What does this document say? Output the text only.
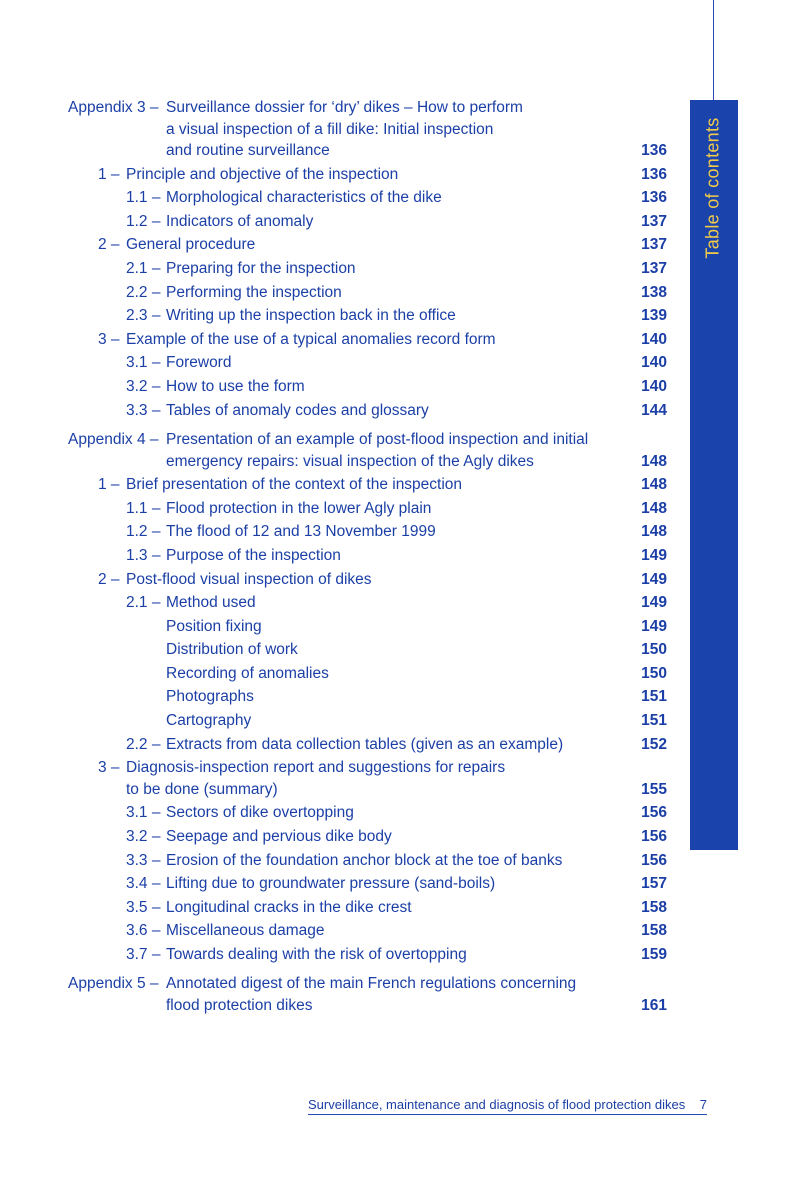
Table of contents
Appendix 3 – Surveillance dossier for ‘dry’ dikes – How to perform
a visual inspection of a fill dike: Initial inspection
and routine surveillance	136
1 – Principle and objective of the inspection	136
1.1 – Morphological characteristics of the dike	136
1.2 – Indicators of anomaly	137
2 – General procedure	137
2.1 – Preparing for the inspection	137
2.2 – Performing the inspection	138
2.3 – Writing up the inspection back in the office	139
3 – Example of the use of a typical anomalies record form	140
3.1 – Foreword	140
3.2 – How to use the form	140
3.3 – Tables of anomaly codes and glossary	144
Appendix 4 – Presentation of an example of post-flood inspection and initial
emergency repairs: visual inspection of the Agly dikes	148
1 – Brief presentation of the context of the inspection	148
1.1 – Flood protection in the lower Agly plain	148
1.2 – The flood of 12 and 13 November 1999	148
1.3 – Purpose of the inspection	149
2 – Post-flood visual inspection of dikes	149
2.1 – Method used	149
Position fixing	149
Distribution of work	150
Recording of anomalies	150
Photographs	151
Cartography	151
2.2 – Extracts from data collection tables (given as an example)	152
3 – Diagnosis-inspection report and suggestions for repairs
to be done (summary)	155
3.1 – Sectors of dike overtopping	156
3.2 – Seepage and pervious dike body	156
3.3 – Erosion of the foundation anchor block at the toe of banks	156
3.4 – Lifting due to groundwater pressure (sand-boils)	157
3.5 – Longitudinal cracks in the dike crest	158
3.6 – Miscellaneous damage	158
3.7 – Towards dealing with the risk of overtopping	159
Appendix 5 – Annotated digest of the main French regulations concerning
flood protection dikes	161
Surveillance, maintenance and diagnosis of flood protection dikes 7
